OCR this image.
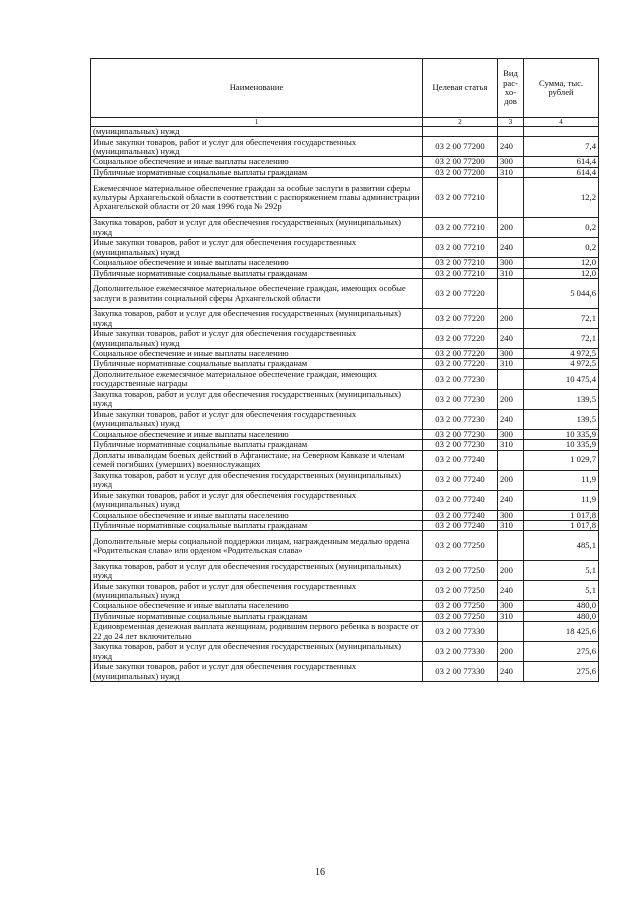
Наименование	Целевая статья	Вид рас-хо-дов	Сумма, тыс. рублей
1	2	3	4
(муниципальных) нужд			
Иные закупки товаров, работ и услуг для обеспечения государственных (муниципальных) нужд	03 2 00 77200	240	7,4
Социальное обеспечение и иные выплаты населению	03 2 00 77200	300	614,4
Публичные нормативные социальные выплаты гражданам	03 2 00 77200	310	614,4
Ежемесячное материальное обеспечение граждан за особые заслуги в развитии сферы культуры Архангельской области в соответствии с распоряжением главы администрации Архангельской области от 20 мая 1996 года № 292р	03 2 00 77210		12,2
Закупка товаров, работ и услуг для обеспечения государственных (муниципальных) нужд	03 2 00 77210	200	0,2
Иные закупки товаров, работ и услуг для обеспечения государственных (муниципальных) нужд	03 2 00 77210	240	0,2
Социальное обеспечение и иные выплаты населению	03 2 00 77210	300	12,0
Публичные нормативные социальные выплаты гражданам	03 2 00 77210	310	12,0
Дополнительное ежемесячное материальное обеспечение граждан, имеющих особые заслуги в развитии социальной сферы Архангельской области	03 2 00 77220		5 044,6
Закупка товаров, работ и услуг для обеспечения государственных (муниципальных) нужд	03 2 00 77220	200	72,1
Иные закупки товаров, работ и услуг для обеспечения государственных (муниципальных) нужд	03 2 00 77220	240	72,1
Социальное обеспечение и иные выплаты населению	03 2 00 77220	300	4 972,5
Публичные нормативные социальные выплаты гражданам	03 2 00 77220	310	4 972,5
Дополнительное ежемесячное материальное обеспечение граждан, имеющих государственные награды	03 2 00 77230		10 475,4
Закупка товаров, работ и услуг для обеспечения государственных (муниципальных) нужд	03 2 00 77230	200	139,5
Иные закупки товаров, работ и услуг для обеспечения государственных (муниципальных) нужд	03 2 00 77230	240	139,5
Социальное обеспечение и иные выплаты населению	03 2 00 77230	300	10 335,9
Публичные нормативные социальные выплаты гражданам	03 2 00 77230	310	10 335,9
Доплаты инвалидам боевых действий в Афганистане, на Северном Кавказе и членам семей погибших (умерших) военнослужащих	03 2 00 77240		1 029,7
Закупка товаров, работ и услуг для обеспечения государственных (муниципальных) нужд	03 2 00 77240	200	11,9
Иные закупки товаров, работ и услуг для обеспечения государственных (муниципальных) нужд	03 2 00 77240	240	11,9
Социальное обеспечение и иные выплаты населению	03 2 00 77240	300	1 017,8
Публичные нормативные социальные выплаты гражданам	03 2 00 77240	310	1 017,8
Дополнительные меры социальной поддержки лицам, награжденным медалью ордена «Родительская слава» или орденом «Родительская слава»	03 2 00 77250		485,1
Закупка товаров, работ и услуг для обеспечения государственных (муниципальных) нужд	03 2 00 77250	200	5,1
Иные закупки товаров, работ и услуг для обеспечения государственных (муниципальных) нужд	03 2 00 77250	240	5,1
Социальное обеспечение и иные выплаты населению	03 2 00 77250	300	480,0
Публичные нормативные социальные выплаты гражданам	03 2 00 77250	310	480,0
Единовременная денежная выплата женщинам, родившим первого ребенка в возрасте от 22 до 24 лет включительно	03 2 00 77330		18 425,6
Закупка товаров, работ и услуг для обеспечения государственных (муниципальных) нужд	03 2 00 77330	200	275,6
Иные закупки товаров, работ и услуг для обеспечения государственных (муниципальных) нужд	03 2 00 77330	240	275,6
16
